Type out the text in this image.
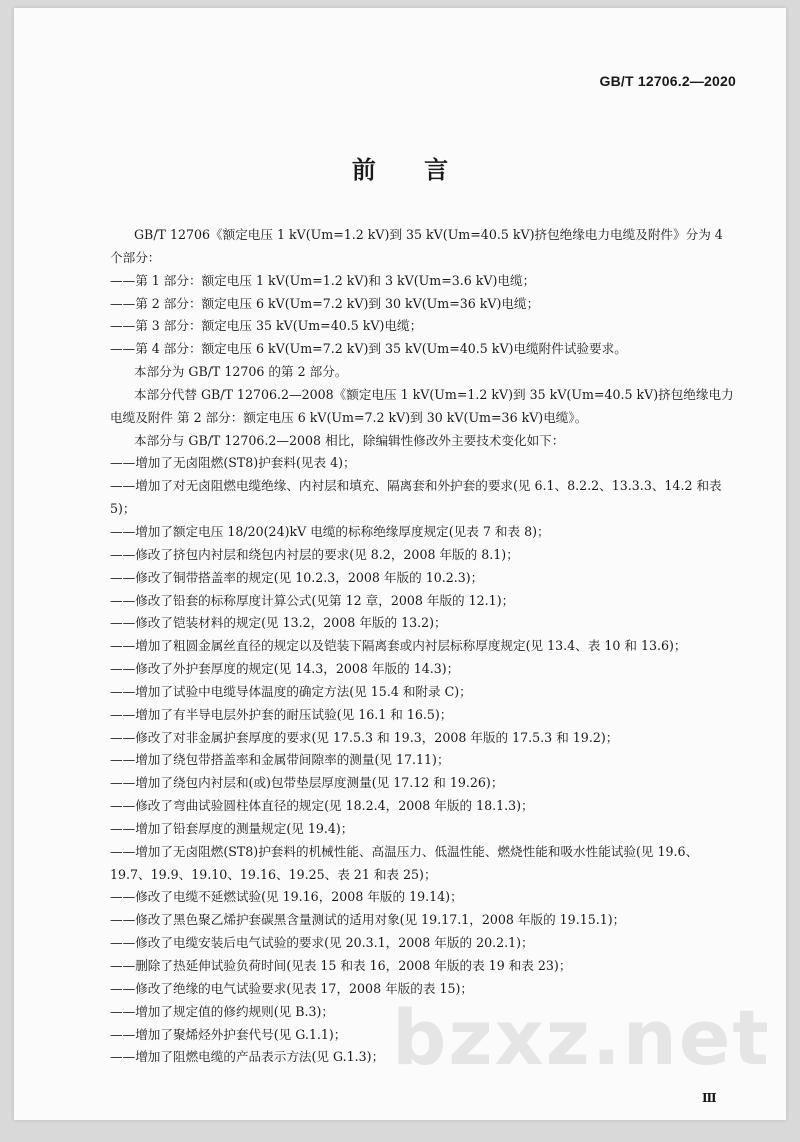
GB/T 12706.2—2020
前 言

GB/T 12706《额定电压 1 kV(Um=1.2 kV)到 35 kV(Um=40.5 kV)挤包绝缘电力电缆及附件》分为 4 个部分：

——第 1 部分：额定电压 1 kV(Um=1.2 kV)和 3 kV(Um=3.6 kV)电缆；

——第 2 部分：额定电压 6 kV(Um=7.2 kV)到 30 kV(Um=36 kV)电缆；

——第 3 部分：额定电压 35 kV(Um=40.5 kV)电缆；

——第 4 部分：额定电压 6 kV(Um=7.2 kV)到 35 kV(Um=40.5 kV)电缆附件试验要求。

本部分为 GB/T 12706 的第 2 部分。

本部分代替 GB/T 12706.2—2008《额定电压 1 kV(Um=1.2 kV)到 35 kV(Um=40.5 kV)挤包绝缘电力电缆及附件 第 2 部分：额定电压 6 kV(Um=7.2 kV)到 30 kV(Um=36 kV)电缆》。

本部分与 GB/T 12706.2—2008 相比，除编辑性修改外主要技术变化如下：

——增加了无卤阻燃(ST8)护套料(见表 4)；

——增加了对无卤阻燃电缆绝缘、内衬层和填充、隔离套和外护套的要求(见 6.1、8.2.2、13.3.3、14.2 和表 5)；

——增加了额定电压 18/20(24)kV 电缆的标称绝缘厚度规定(见表 7 和表 8)；

——修改了挤包内衬层和绕包内衬层的要求(见 8.2，2008 年版的 8.1)；

——修改了铜带搭盖率的规定(见 10.2.3，2008 年版的 10.2.3)；

——修改了铅套的标称厚度计算公式(见第 12 章，2008 年版的 12.1)；

——修改了铠装材料的规定(见 13.2，2008 年版的 13.2)；

——增加了粗圆金属丝直径的规定以及铠装下隔离套或内衬层标称厚度规定(见 13.4、表 10 和 13.6)；

——修改了外护套厚度的规定(见 14.3，2008 年版的 14.3)；

——增加了试验中电缆导体温度的确定方法(见 15.4 和附录 C)；

——增加了有半导电层外护套的耐压试验(见 16.1 和 16.5)；

——修改了对非金属护套厚度的要求(见 17.5.3 和 19.3，2008 年版的 17.5.3 和 19.2)；

——增加了绕包带搭盖率和金属带间隙率的测量(见 17.11)；

——增加了绕包内衬层和(或)包带垫层厚度测量(见 17.12 和 19.26)；

——修改了弯曲试验圆柱体直径的规定(见 18.2.4，2008 年版的 18.1.3)；

——增加了铅套厚度的测量规定(见 19.4)；

——增加了无卤阻燃(ST8)护套料的机械性能、高温压力、低温性能、燃烧性能和吸水性能试验(见 19.6、19.7、19.9、19.10、19.16、19.25、表 21 和表 25)；

——修改了电缆不延燃试验(见 19.16，2008 年版的 19.14)；

——修改了黑色聚乙烯护套碳黑含量测试的适用对象(见 19.17.1，2008 年版的 19.15.1)；

——修改了电缆安装后电气试验的要求(见 20.3.1，2008 年版的 20.2.1)；

——删除了热延伸试验负荷时间(见表 15 和表 16，2008 年版的表 19 和表 23)；

——修改了绝缘的电气试验要求(见表 17，2008 年版的表 15)；

——增加了规定值的修约规则(见 B.3)；

——增加了聚烯烃外护套代号(见 G.1.1)；

——增加了阻燃电缆的产品表示方法(见 G.1.3)； bzxz.net
Ⅲ
